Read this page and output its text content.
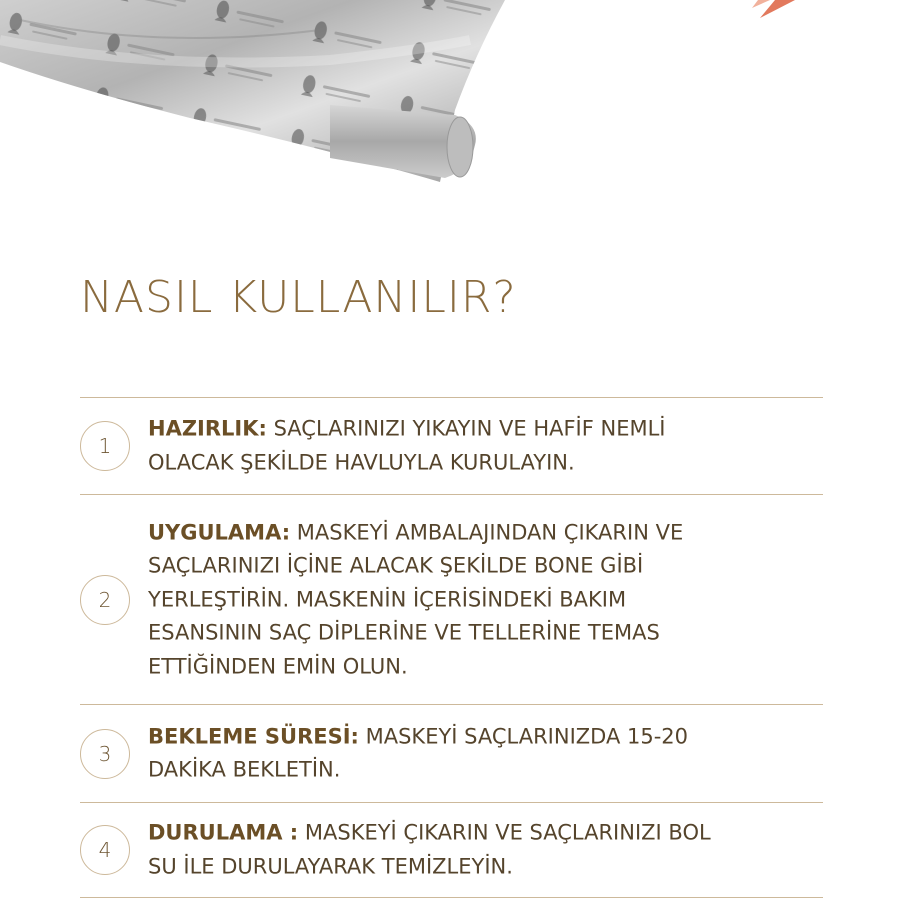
NASIL KULLANILIR?
1

HAZIRLIK: SAÇLARINIZI YIKAYIN VE HAFİF NEMLİ
OLACAK ŞEKİLDE HAVLUYLA KURULAYIN.

2

UYGULAMA: MASKEYİ AMBALAJINDAN ÇIKARIN VE
SAÇLARINIZI İÇİNE ALACAK ŞEKİLDE BONE GİBİ
YERLEŞTİRİN. MASKENİN İÇERİSİNDEKİ BAKIM
ESANSININ SAÇ DİPLERİNE VE TELLERİNE TEMAS
ETTİĞİNDEN EMİN OLUN.

3

BEKLEME SÜRESİ: MASKEYİ SAÇLARINIZDA 15-20
DAKİKA BEKLETİN.

4

DURULAMA : MASKEYİ ÇIKARIN VE SAÇLARINIZI BOL
SU İLE DURULAYARAK TEMİZLEYİN.
